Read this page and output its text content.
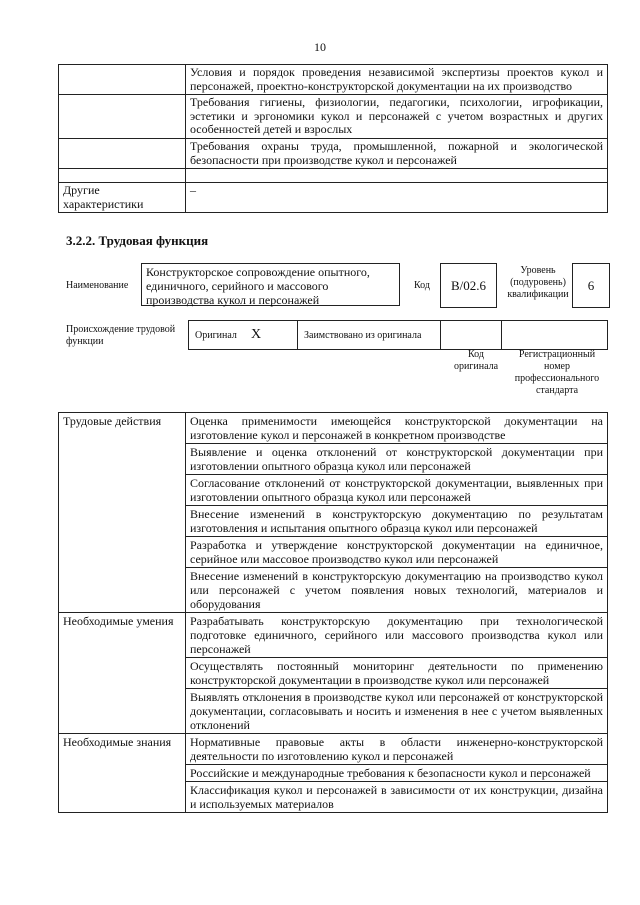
10
	Условия и порядок проведения независимой экспертизы проектов кукол и персонажей, проектно-конструкторской документации на их производство
	Требования гигиены, физиологии, педагогики, психологии, игрофикации, эстетики и эргономики кукол и персонажей с учетом возрастных и других особенностей детей и взрослых
	Требования охраны труда, промышленной, пожарной и экологической безопасности при производстве кукол и персонажей

Другие характеристики	–
3.2.2. Трудовая функция
Наименование
Конструкторское сопровождение опытного, единичного, серийного и массового производства кукол и персонажей
Код	B/02.6
Уровень (подуровень) квалификации
6
Происхождение трудовой функции
Оригинал	X	Заимствовано из оригинала		
Код оригинала
Регистрационный номер профессионального стандарта
Трудовые действия	Оценка применимости имеющейся конструкторской документации на изготовление кукол и персонажей в конкретном производстве
	Выявление и оценка отклонений от конструкторской документации при изготовлении опытного образца кукол или персонажей
	Согласование отклонений от конструкторской документации, выявленных при изготовлении опытного образца кукол или персонажей
	Внесение изменений в конструкторскую документацию по результатам изготовления и испытания опытного образца кукол или персонажей
	Разработка и утверждение конструкторской документации на единичное, серийное или массовое производство кукол или персонажей
	Внесение изменений в конструкторскую документацию на производство кукол или персонажей с учетом появления новых технологий, материалов и оборудования
Необходимые умения	Разрабатывать конструкторскую документацию при технологической подготовке единичного, серийного или массового производства кукол или персонажей
	Осуществлять постоянный мониторинг деятельности по применению конструкторской документации в производстве кукол или персонажей
	Выявлять отклонения в производстве кукол или персонажей от конструкторской документации, согласовывать и носить и изменения в нее с учетом выявленных отклонений
Необходимые знания	Нормативные правовые акты в области инженерно-конструкторской деятельности по изготовлению кукол и персонажей
	Российские и международные требования к безопасности кукол и персонажей
	Классификация кукол и персонажей в зависимости от их конструкции, дизайна и используемых материалов
